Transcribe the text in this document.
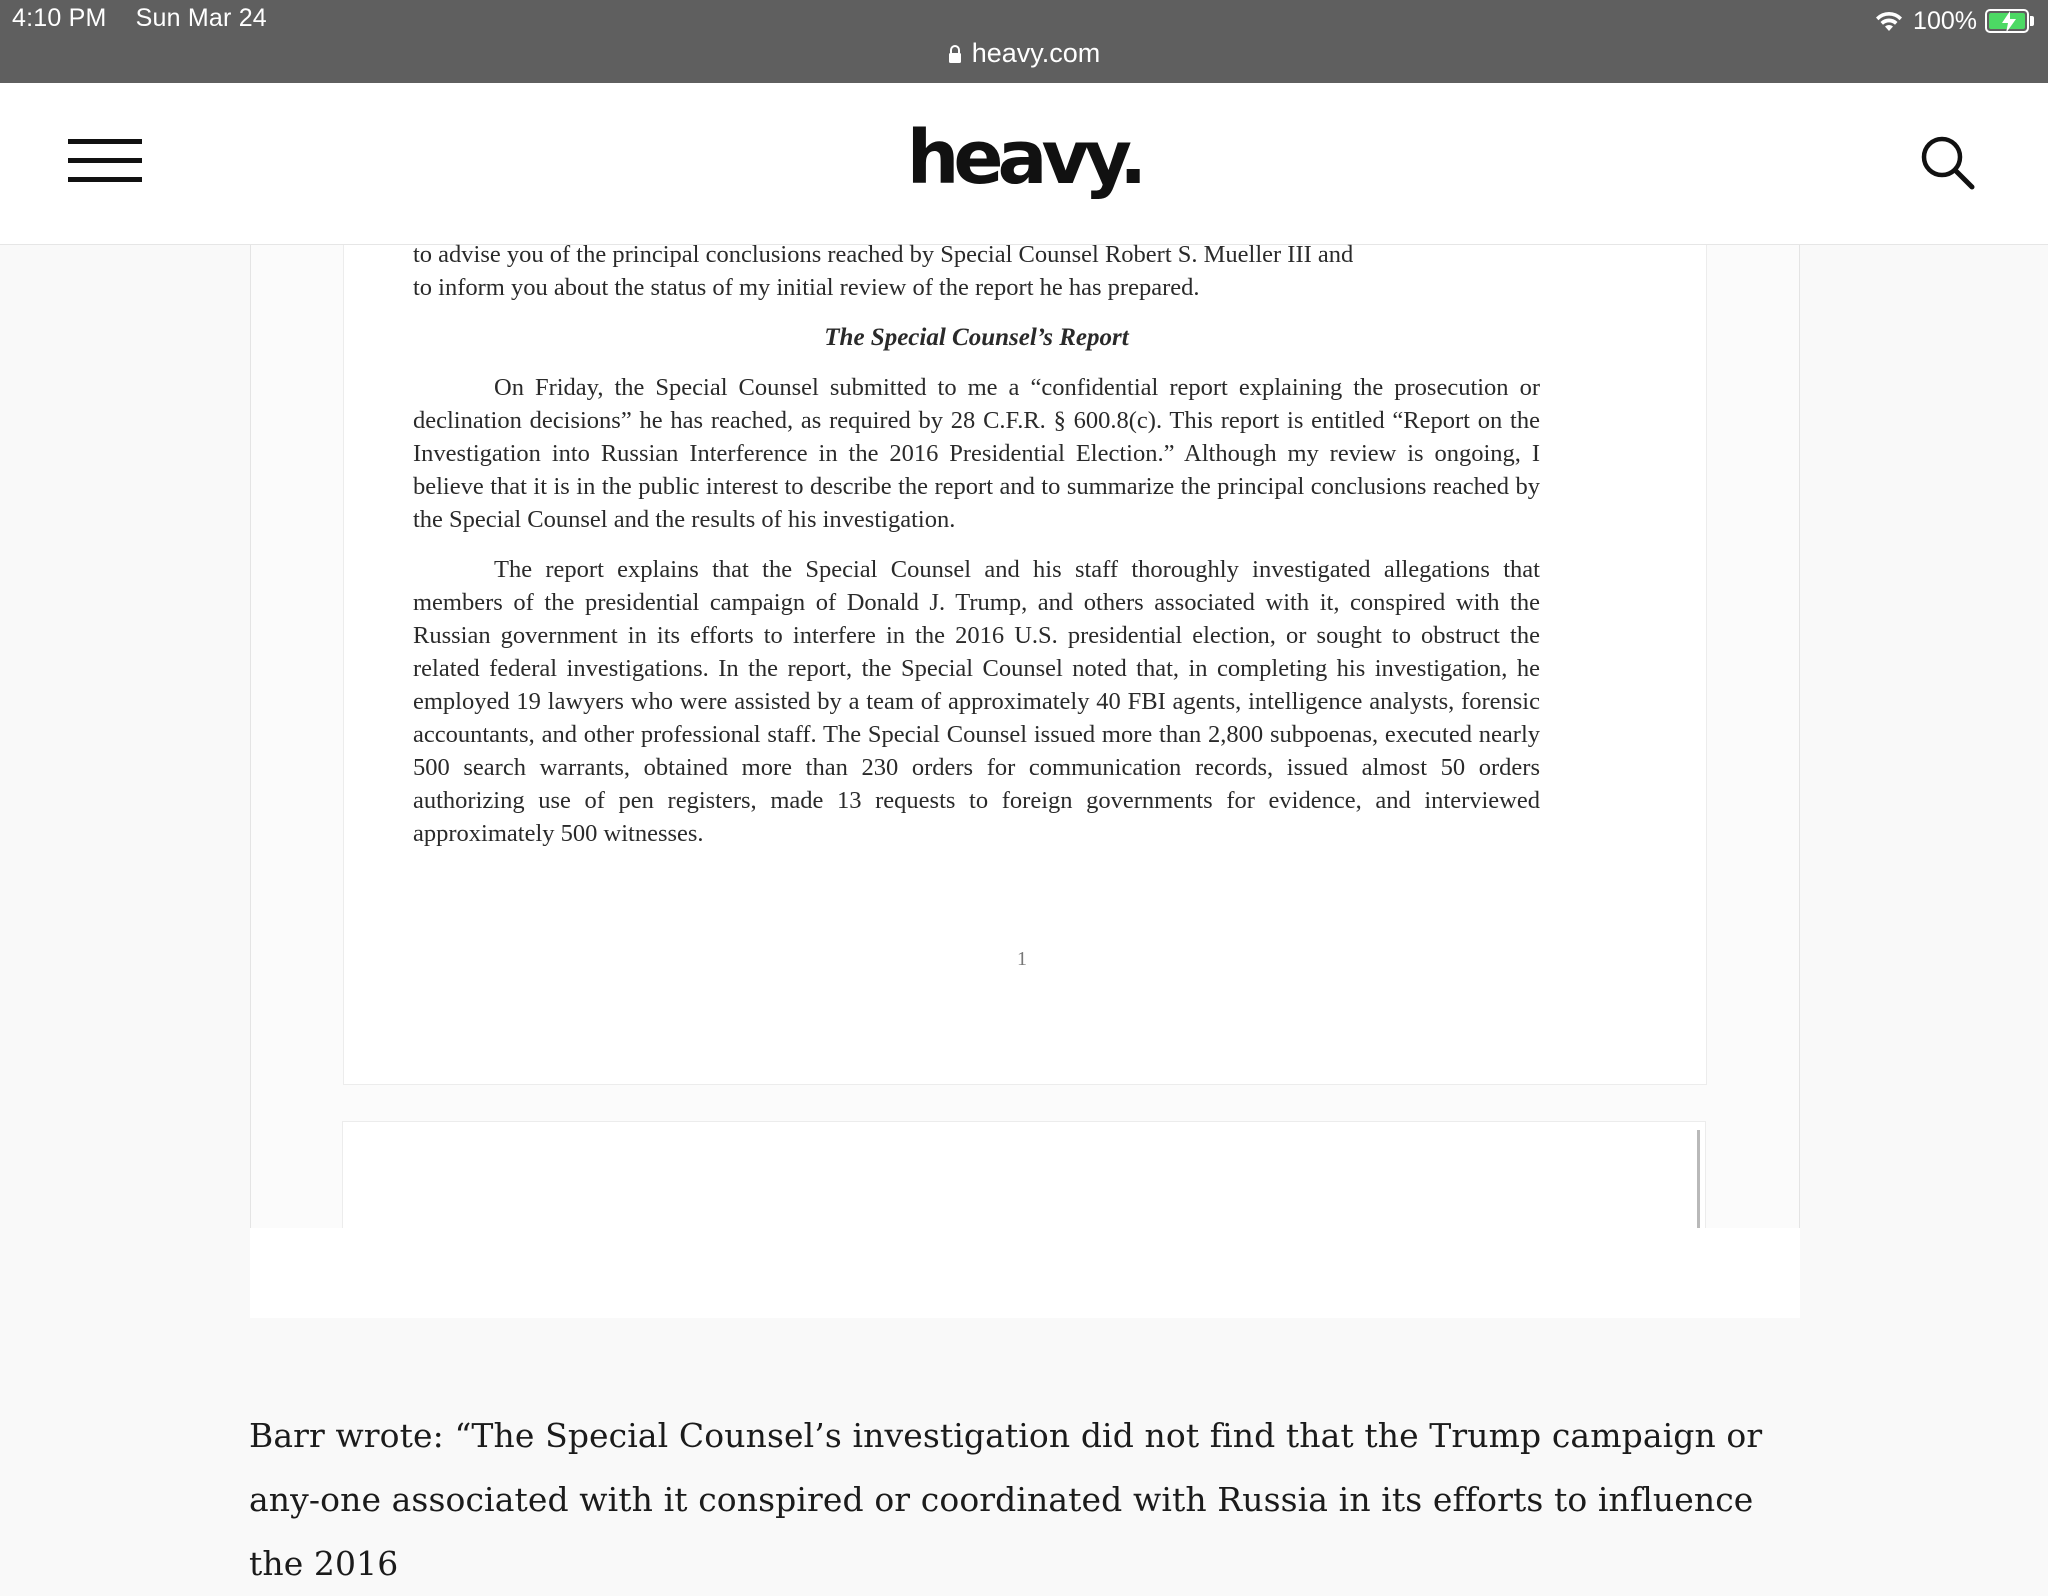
4:10 PM Sun Mar 24	100%
heavy.com
heavy.

to advise you of the principal conclusions reached by Special Counsel Robert S. Mueller III and
to inform you about the status of my initial review of the report he has prepared.

The Special Counsel’s Report

On Friday, the Special Counsel submitted to me a “confidential report explaining the prosecution or declination decisions” he has reached, as required by 28 C.F.R. § 600.8(c). This report is entitled “Report on the Investigation into Russian Interference in the 2016 Presidential Election.” Although my review is ongoing, I believe that it is in the public interest to describe the report and to summarize the principal conclusions reached by the Special Counsel and the results of his investigation.

The report explains that the Special Counsel and his staff thoroughly investigated allegations that members of the presidential campaign of Donald J. Trump, and others associated with it, conspired with the Russian government in its efforts to interfere in the 2016 U.S. presidential election, or sought to obstruct the related federal investigations. In the report, the Special Counsel noted that, in completing his investigation, he employed 19 lawyers who were assisted by a team of approximately 40 FBI agents, intelligence analysts, forensic accountants, and other professional staff. The Special Counsel issued more than 2,800 subpoenas, executed nearly 500 search warrants, obtained more than 230 orders for communication records, issued almost 50 orders authorizing use of pen registers, made 13 requests to foreign governments for evidence, and interviewed approximately 500 witnesses.

1
Barr wrote: “The Special Counsel’s investigation did not find that the Trump campaign or any-one associated with it conspired or coordinated with Russia in its efforts to influence the 2016
